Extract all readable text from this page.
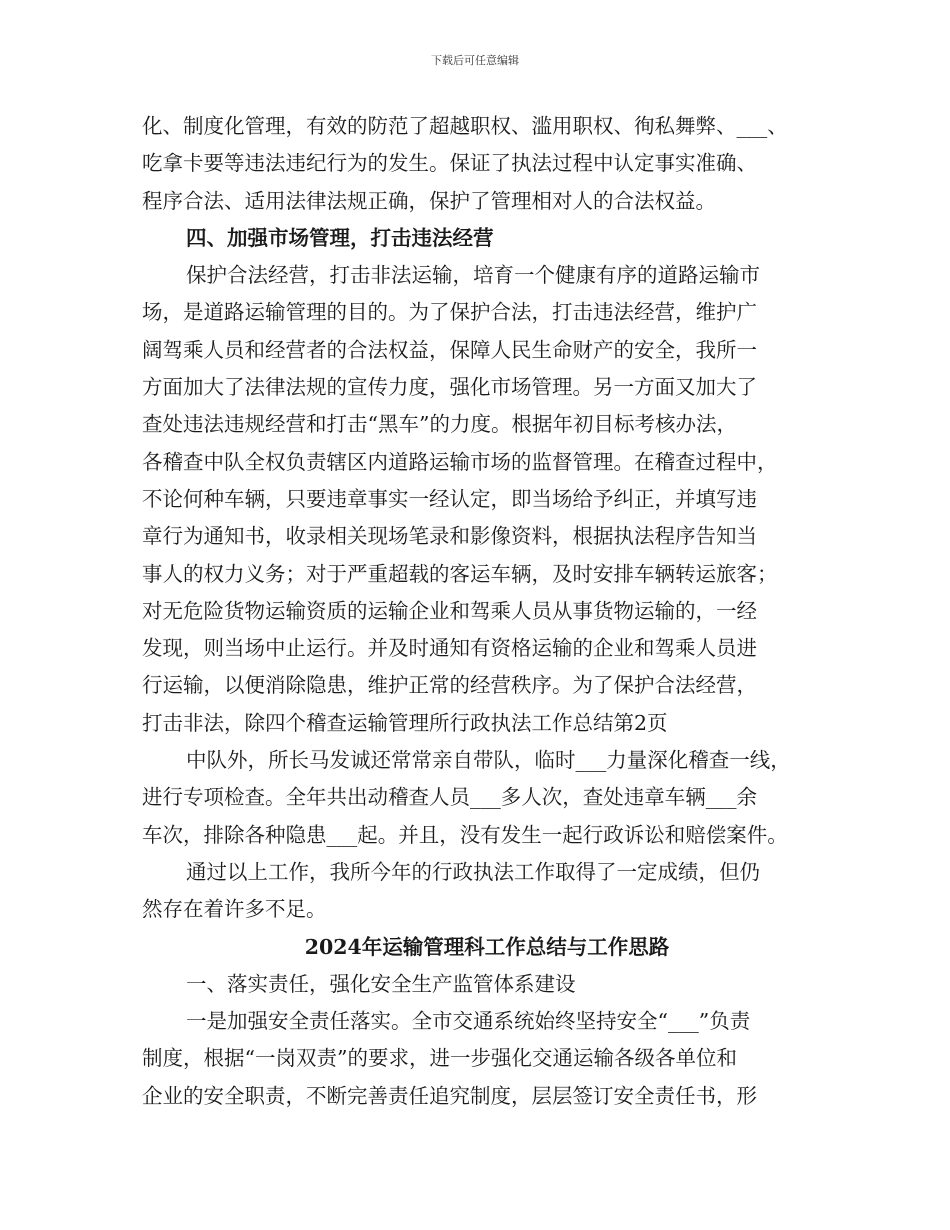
下载后可任意编辑
化、制度化管理，有效的防范了超越职权、滥用职权、徇私舞弊、___、
吃拿卡要等违法违纪行为的发生。保证了执法过程中认定事实准确、
程序合法、适用法律法规正确，保护了管理相对人的合法权益。
四、加强市场管理，打击违法经营
保护合法经营，打击非法运输，培育一个健康有序的道路运输市
场，是道路运输管理的目的。为了保护合法，打击违法经营，维护广
阔驾乘人员和经营者的合法权益，保障人民生命财产的安全，我所一
方面加大了法律法规的宣传力度，强化市场管理。另一方面又加大了
查处违法违规经营和打击“黑车”的力度。根据年初目标考核办法，
各稽查中队全权负责辖区内道路运输市场的监督管理。在稽查过程中，
不论何种车辆，只要违章事实一经认定，即当场给予纠正，并填写违
章行为通知书，收录相关现场笔录和影像资料，根据执法程序告知当
事人的权力义务；对于严重超载的客运车辆，及时安排车辆转运旅客；
对无危险货物运输资质的运输企业和驾乘人员从事货物运输的，一经
发现，则当场中止运行。并及时通知有资格运输的企业和驾乘人员进
行运输，以便消除隐患，维护正常的经营秩序。为了保护合法经营，
打击非法，除四个稽查运输管理所行政执法工作总结第2页
中队外，所长马发诚还常常亲自带队，临时___力量深化稽查一线，
进行专项检查。全年共出动稽查人员___多人次，查处违章车辆___余
车次，排除各种隐患___起。并且，没有发生一起行政诉讼和赔偿案件。
通过以上工作，我所今年的行政执法工作取得了一定成绩，但仍
然存在着许多不足。
2024年运输管理科工作总结与工作思路
一、落实责任，强化安全生产监管体系建设
一是加强安全责任落实。全市交通系统始终坚持安全“___”负责
制度，根据“一岗双责”的要求，进一步强化交通运输各级各单位和
企业的安全职责，不断完善责任追究制度，层层签订安全责任书，形
